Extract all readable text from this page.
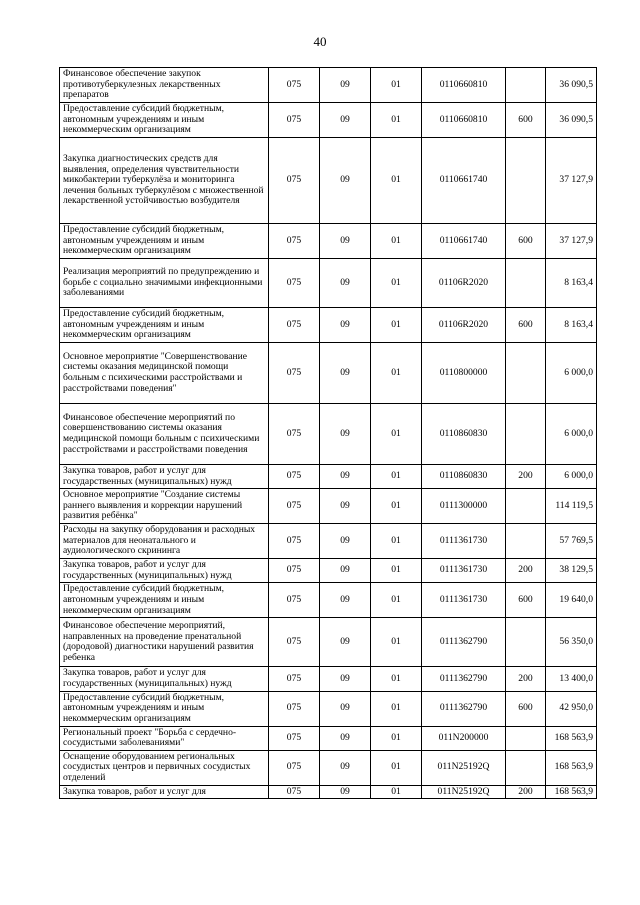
40
Финансовое обеспечение закупок противотуберкулезных лекарственных препаратов	075	09	01	0110660810		36 090,5
Предоставление субсидий бюджетным, автономным учреждениям и иным некоммерческим организациям	075	09	01	0110660810	600	36 090,5
Закупка диагностических средств для выявления, определения чувствительности микобактерии туберкулёза и мониторинга лечения больных туберкулёзом с множественной лекарственной устойчивостью возбудителя	075	09	01	0110661740		37 127,9
Предоставление субсидий бюджетным, автономным учреждениям и иным некоммерческим организациям	075	09	01	0110661740	600	37 127,9
Реализация мероприятий по предупреждению и борьбе с социально значимыми инфекционными заболеваниями	075	09	01	01106R2020		8 163,4
Предоставление субсидий бюджетным, автономным учреждениям и иным некоммерческим организациям	075	09	01	01106R2020	600	8 163,4
Основное мероприятие "Совершенствование системы оказания медицинской помощи больным с психическими расстройствами и расстройствами поведения"	075	09	01	0110800000		6 000,0
Финансовое обеспечение мероприятий по совершенствованию системы оказания медицинской помощи больным с психическими расстройствами и расстройствами поведения	075	09	01	0110860830		6 000,0
Закупка товаров, работ и услуг для государственных (муниципальных) нужд	075	09	01	0110860830	200	6 000,0
Основное мероприятие "Создание системы раннего выявления и коррекции нарушений развития ребёнка"	075	09	01	0111300000		114 119,5
Расходы на закупку оборудования и расходных материалов для неонатального и аудиологического скрининга	075	09	01	0111361730		57 769,5
Закупка товаров, работ и услуг для государственных (муниципальных) нужд	075	09	01	0111361730	200	38 129,5
Предоставление субсидий бюджетным, автономным учреждениям и иным некоммерческим организациям	075	09	01	0111361730	600	19 640,0
Финансовое обеспечение мероприятий, направленных на проведение пренатальной (дородовой) диагностики нарушений развития ребенка	075	09	01	0111362790		56 350,0
Закупка товаров, работ и услуг для государственных (муниципальных) нужд	075	09	01	0111362790	200	13 400,0
Предоставление субсидий бюджетным, автономным учреждениям и иным некоммерческим организациям	075	09	01	0111362790	600	42 950,0
Региональный проект "Борьба с сердечно-сосудистыми заболеваниями"	075	09	01	011N200000		168 563,9
Оснащение оборудованием региональных сосудистых центров и первичных сосудистых отделений	075	09	01	011N25192Q		168 563,9
Закупка товаров, работ и услуг для	075	09	01	011N25192Q	200	168 563,9
